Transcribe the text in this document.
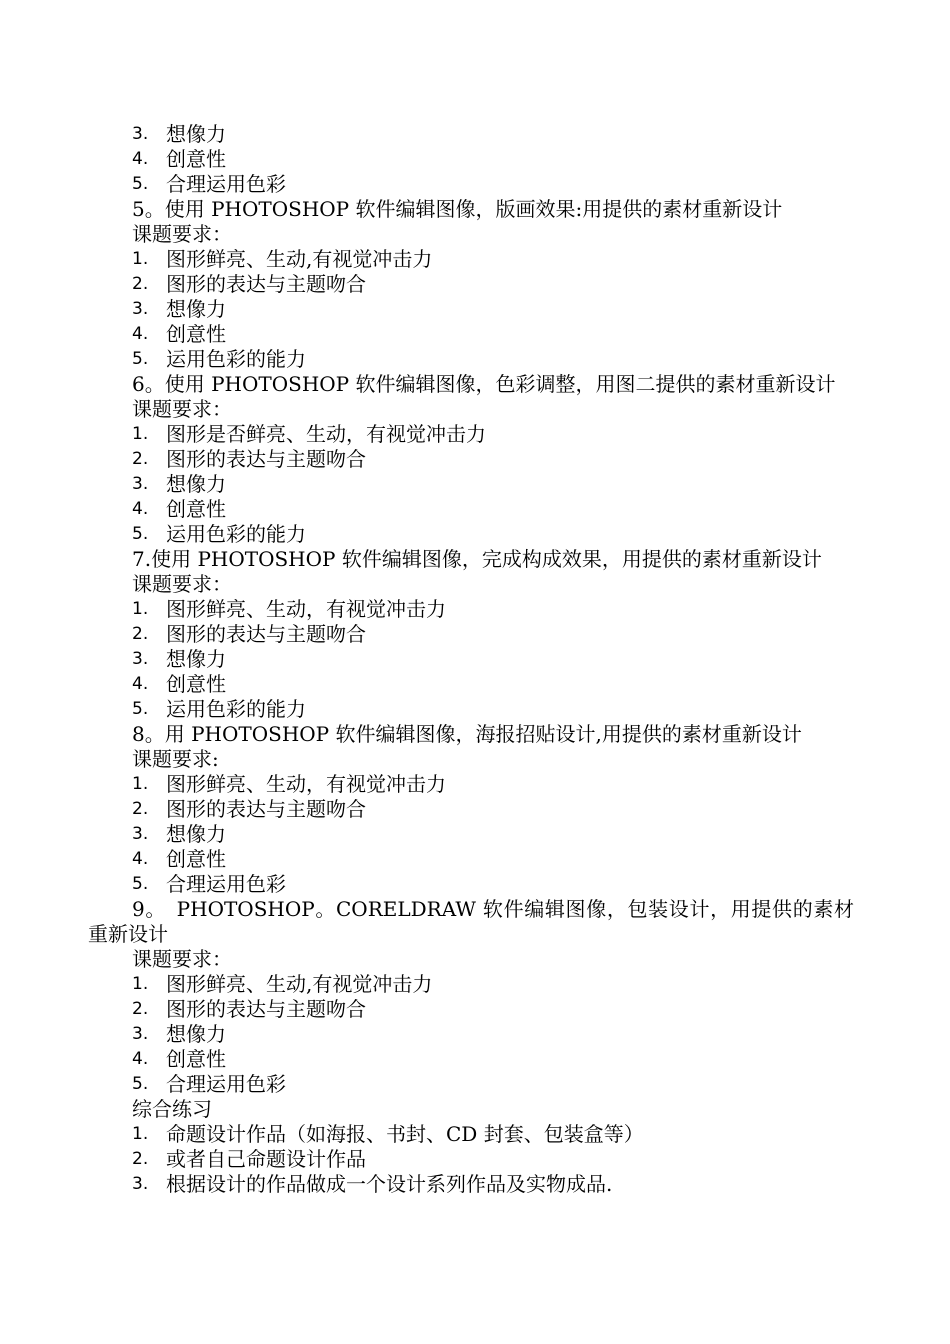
3. 想像力
4. 创意性
5. 合理运用色彩
5。使用 PHOTOSHOP 软件编辑图像，版画效果:用提供的素材重新设计
课题要求：
1. 图形鲜亮、生动,有视觉冲击力
2. 图形的表达与主题吻合
3. 想像力
4. 创意性
5. 运用色彩的能力
6。使用 PHOTOSHOP 软件编辑图像，色彩调整，用图二提供的素材重新设计
课题要求：
1. 图形是否鲜亮、生动，有视觉冲击力
2. 图形的表达与主题吻合
3. 想像力
4. 创意性
5. 运用色彩的能力
7.使用 PHOTOSHOP 软件编辑图像，完成构成效果，用提供的素材重新设计
课题要求：
1. 图形鲜亮、生动，有视觉冲击力
2. 图形的表达与主题吻合
3. 想像力
4. 创意性
5. 运用色彩的能力
8。用 PHOTOSHOP 软件编辑图像，海报招贴设计,用提供的素材重新设计
课题要求:
1. 图形鲜亮、生动，有视觉冲击力
2. 图形的表达与主题吻合
3. 想像力
4. 创意性
5. 合理运用色彩
9。　PHOTOSHOP。CORELDRAW 软件编辑图像，包装设计，用提供的素材重新设计
课题要求：
1. 图形鲜亮、生动,有视觉冲击力
2. 图形的表达与主题吻合
3. 想像力
4. 创意性
5. 合理运用色彩
综合练习
1. 命题设计作品（如海报、书封、CD 封套、包装盒等）
2. 或者自己命题设计作品
3. 根据设计的作品做成一个设计系列作品及实物成品.
